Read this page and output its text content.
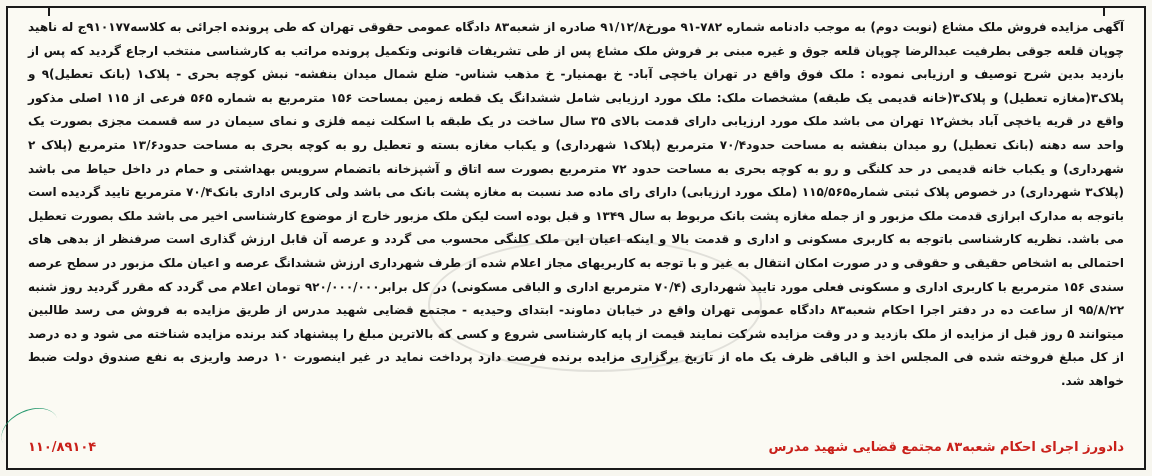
آگهی مزایده فروش ملک مشاع (نوبت دوم) به موجب دادنامه شماره ۷۸۲-۹۱ مورخ۹۱/۱۲/۸ صادره از شعبه۸۳ دادگاه عمومی حقوقی تهران که طی پرونده اجرائی به کلاسه۹۱۰۱۷۷ج له ناهید چوپان قلعه جوقی بطرفیت عبدالرضا چوپان قلعه جوق و غیره مبنی بر فروش ملک مشاع پس از طی تشریفات قانونی وتکمیل پرونده مراتب به کارشناسی منتخب ارجاع گردید که پس از بازدید بدین شرح توصیف و ارزیابی نموده : ملک فوق واقع در تهران یاخچی آباد- خ بهمنیار- خ مذهب شناس- ضلع شمال میدان بنفشه- نبش کوچه بحری - پلاک۱ (بانک تعطیل)۹ و پلاک۳(مغازه تعطیل) و پلاک۳(خانه قدیمی یک طبقه) مشخصات ملک: ملک مورد ارزیابی شامل ششدانگ یک قطعه زمین بمساحت ۱۵۶ مترمربع به شماره ۵۶۵ فرعی از ۱۱۵ اصلی مذکور واقع در قریه یاخچی آباد بخش۱۲ تهران می باشد ملک مورد ارزیابی دارای قدمت بالای ۳۵ سال ساخت در یک طبقه با اسکلت نیمه فلزی و نمای سیمان در سه قسمت مجزی بصورت یک واحد سه دهنه (بانک تعطیل) رو میدان بنفشه به مساحت حدود۷۰/۴ مترمربع (پلاک۱ شهرداری) و یکباب مغازه بسته و تعطیل رو به کوچه بحری به مساحت حدود۱۳/۶ مترمربع (پلاک ۲ شهرداری) و یکباب خانه قدیمی در حد کلنگی و رو به کوچه بحری به مساحت حدود ۷۲ مترمربع بصورت سه اتاق و آشپزخانه باتضمام سرویس بهداشتی و حمام در داخل حیاط می باشد (پلاک۳ شهرداری) در خصوص پلاک ثبتی شماره۱۱۵/۵۶۵ (ملک مورد ارزیابی) دارای رای ماده صد نسبت به مغازه پشت بانک می باشد ولی کاربری اداری بانک۷۰/۴ مترمربع تایید گردیده است باتوجه به مدارک ابرازی قدمت ملک مزبور و از جمله مغازه پشت بانک مربوط به سال ۱۳۴۹ و قبل بوده است لیکن ملک مزبور خارج از موضوع کارشناسی اخیر می باشد ملک بصورت تعطیل می باشد. نظریه کارشناسی باتوجه به کاربری مسکونی و اداری و قدمت بالا و اینکه اعیان این ملک کلنگی محسوب می گردد و عرصه آن قابل ارزش گذاری است صرفنظر از بدهی های احتمالی به اشخاص حقیقی و حقوقی و در صورت امکان انتقال به غیر و با توجه به کاربریهای مجاز اعلام شده از طرف شهرداری ارزش ششدانگ عرصه و اعیان ملک مزبور در سطح عرصه سندی ۱۵۶ مترمربع با کاربری اداری و مسکونی فعلی مورد تایید شهرداری (۷۰/۴ مترمربع اداری و الباقی مسکونی) در کل برابر۹۲۰/۰۰۰/۰۰۰ تومان اعلام می گردد که مقرر گردید روز شنبه ۹۵/۸/۲۲ از ساعت ده در دفتر اجرا احکام شعبه۸۳ دادگاه عمومی تهران واقع در خیابان دماوند- ابتدای وحیدیه - مجتمع قضایی شهید مدرس از طریق مزایده به فروش می رسد طالبین میتوانند ۵ روز قبل از مزایده از ملک بازدید و در وقت مزایده شرکت نمایند قیمت از پایه کارشناسی شروع و کسی که بالاترین مبلغ را پیشنهاد کند برنده مزایده شناخته می شود و ده درصد از کل مبلغ فروخته شده فی المجلس اخذ و الباقی ظرف یک ماه از تاریخ برگزاری مزایده برنده فرصت دارد پرداخت نماید در غیر اینصورت ۱۰ درصد واریزی به نفع صندوق دولت ضبط خواهد شد.

۱۱۰/۸۹۱۰۴	دادورز اجرای احکام شعبه۸۳ مجتمع قضایی شهید مدرس
